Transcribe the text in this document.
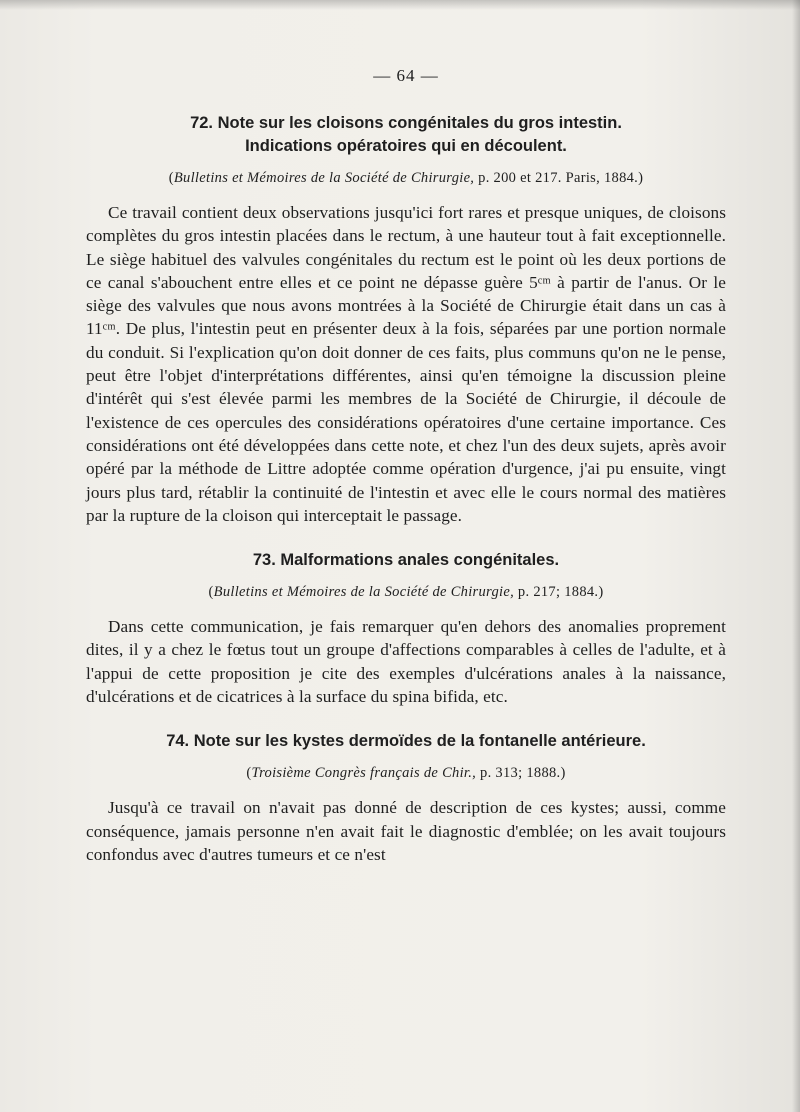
— 64 —
72. Note sur les cloisons congénitales du gros intestin.
Indications opératoires qui en découlent.
(Bulletins et Mémoires de la Société de Chirurgie, p. 200 et 217. Paris, 1884.)

Ce travail contient deux observations jusqu'ici fort rares et presque uniques, de cloisons complètes du gros intestin placées dans le rectum, à une hauteur tout à fait exceptionnelle. Le siège habituel des valvules congénitales du rectum est le point où les deux portions de ce canal s'abouchent entre elles et ce point ne dépasse guère 5ᶜᵐ à partir de l'anus. Or le siège des valvules que nous avons montrées à la Société de Chirurgie était dans un cas à 11ᶜᵐ. De plus, l'intestin peut en présenter deux à la fois, séparées par une portion normale du conduit. Si l'explication qu'on doit donner de ces faits, plus communs qu'on ne le pense, peut être l'objet d'interprétations différentes, ainsi qu'en témoigne la discussion pleine d'intérêt qui s'est élevée parmi les membres de la Société de Chirurgie, il découle de l'existence de ces opercules des considérations opératoires d'une certaine importance. Ces considérations ont été développées dans cette note, et chez l'un des deux sujets, après avoir opéré par la méthode de Littre adoptée comme opération d'urgence, j'ai pu ensuite, vingt jours plus tard, rétablir la continuité de l'intestin et avec elle le cours normal des matières par la rupture de la cloison qui interceptait le passage.

73. Malformations anales congénitales.
(Bulletins et Mémoires de la Société de Chirurgie, p. 217; 1884.)

Dans cette communication, je fais remarquer qu'en dehors des anomalies proprement dites, il y a chez le fœtus tout un groupe d'affections comparables à celles de l'adulte, et à l'appui de cette proposition je cite des exemples d'ulcérations anales à la naissance, d'ulcérations et de cicatrices à la surface du spina bifida, etc.

74. Note sur les kystes dermoïdes de la fontanelle antérieure.
(Troisième Congrès français de Chir., p. 313; 1888.)

Jusqu'à ce travail on n'avait pas donné de description de ces kystes; aussi, comme conséquence, jamais personne n'en avait fait le diagnostic d'emblée; on les avait toujours confondus avec d'autres tumeurs et ce n'est
